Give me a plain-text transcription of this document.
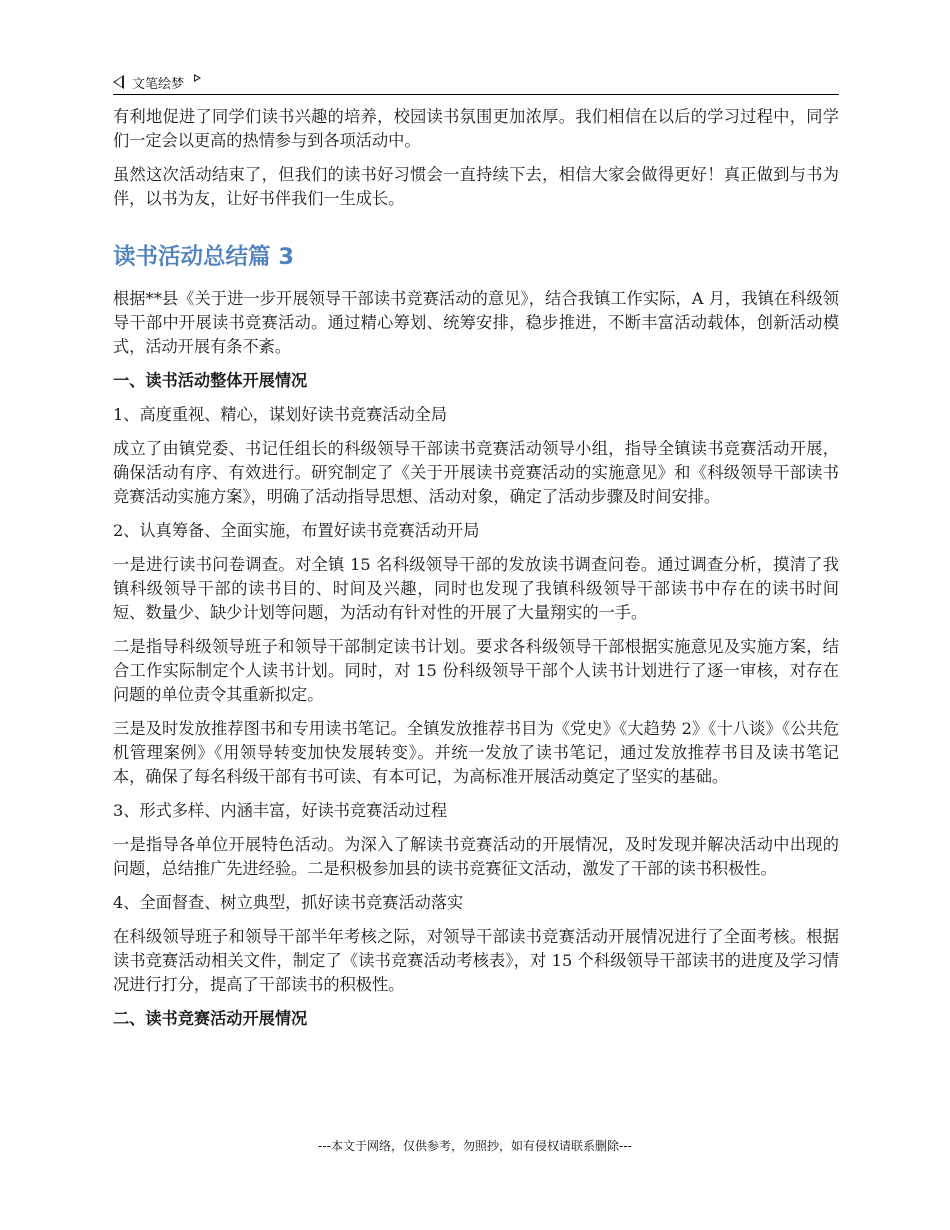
文笔绘梦

有利地促进了同学们读书兴趣的培养，校园读书氛围更加浓厚。我们相信在以后的学习过程中，同学们一定会以更高的热情参与到各项活动中。

虽然这次活动结束了，但我们的读书好习惯会一直持续下去，相信大家会做得更好！真正做到与书为伴，以书为友，让好书伴我们一生成长。

读书活动总结篇 3

根据**县《关于进一步开展领导干部读书竞赛活动的意见》，结合我镇工作实际，A 月，我镇在科级领导干部中开展读书竞赛活动。通过精心筹划、统筹安排，稳步推进，不断丰富活动载体，创新活动模式，活动开展有条不紊。

一、读书活动整体开展情况

1、高度重视、精心，谋划好读书竞赛活动全局

成立了由镇党委、书记任组长的科级领导干部读书竞赛活动领导小组，指导全镇读书竞赛活动开展，确保活动有序、有效进行。研究制定了《关于开展读书竞赛活动的实施意见》和《科级领导干部读书竞赛活动实施方案》，明确了活动指导思想、活动对象，确定了活动步骤及时间安排。

2、认真筹备、全面实施，布置好读书竞赛活动开局

一是进行读书问卷调查。对全镇 15 名科级领导干部的发放读书调查问卷。通过调查分析，摸清了我镇科级领导干部的读书目的、时间及兴趣，同时也发现了我镇科级领导干部读书中存在的读书时间短、数量少、缺少计划等问题，为活动有针对性的开展了大量翔实的一手。

二是指导科级领导班子和领导干部制定读书计划。要求各科级领导干部根据实施意见及实施方案，结合工作实际制定个人读书计划。同时，对 15 份科级领导干部个人读书计划进行了逐一审核，对存在问题的单位责令其重新拟定。

三是及时发放推荐图书和专用读书笔记。全镇发放推荐书目为《党史》《大趋势 2》《十八谈》《公共危机管理案例》《用领导转变加快发展转变》。并统一发放了读书笔记，通过发放推荐书目及读书笔记本，确保了每名科级干部有书可读、有本可记，为高标准开展活动奠定了坚实的基础。

3、形式多样、内涵丰富，好读书竞赛活动过程

一是指导各单位开展特色活动。为深入了解读书竞赛活动的开展情况，及时发现并解决活动中出现的问题，总结推广先进经验。二是积极参加县的读书竞赛征文活动，激发了干部的读书积极性。

4、全面督查、树立典型，抓好读书竞赛活动落实

在科级领导班子和领导干部半年考核之际，对领导干部读书竞赛活动开展情况进行了全面考核。根据读书竞赛活动相关文件，制定了《读书竞赛活动考核表》，对 15 个科级领导干部读书的进度及学习情况进行打分，提高了干部读书的积极性。

二、读书竞赛活动开展情况
---本文于网络，仅供参考，勿照抄，如有侵权请联系删除---
